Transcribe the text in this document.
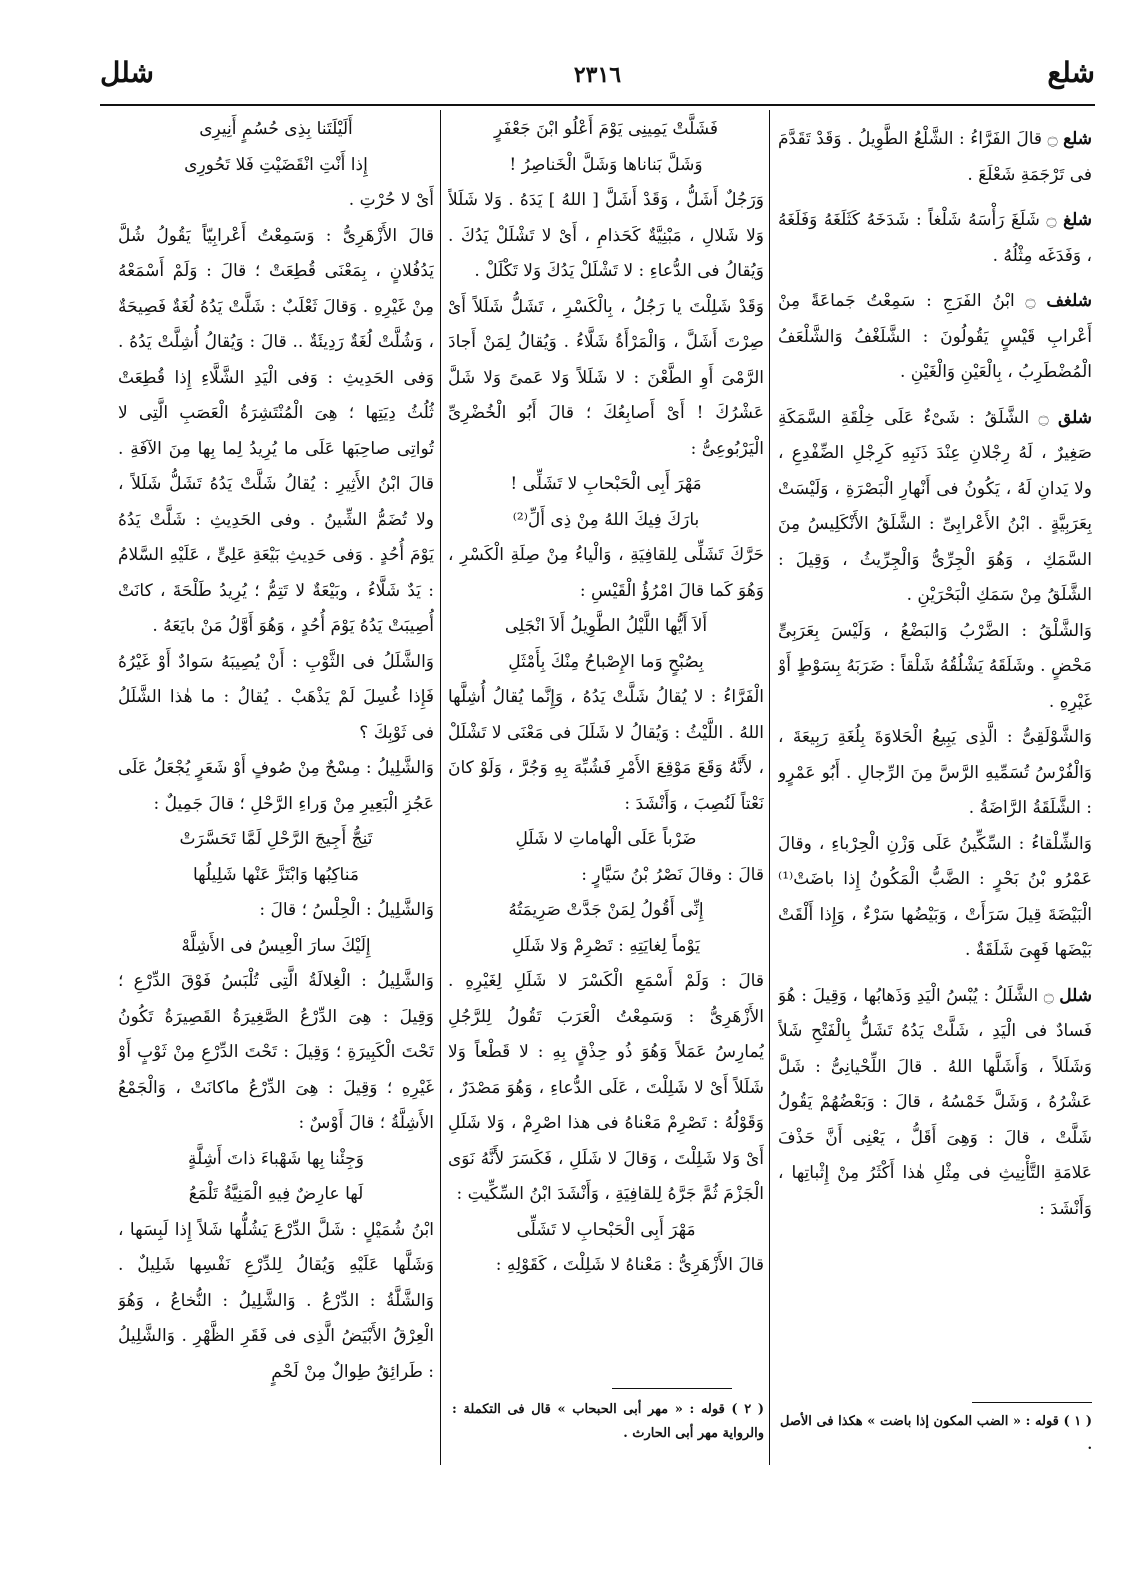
شلع
٢٣١٦
شلل

شلع ۝ قالَ الفَرَّاءُ : الشَّلْعُ الطَّوِيلُ . وَقَدْ تَقَدَّمَ فى تَرْجَمَةِ شَعْلَعَ .

شلغ ۝ شَلَغَ رَأْسَهُ شَلْغاً : شَدَخَهُ كَثَلَغَهُ وَفَلَغَهُ ، وَفَدَغَه مِثْلُهُ .

شلغف ۝ ابْنُ الفَرَجِ : سَمِعْتُ جَماعَةً مِنْ أَعْرابِ قَيْسٍ يَقُولُونَ : الشَّلَغْفُ وَالشَّلْعَفُ الْمُضْطَرِبُ ، بِالْعَيْنِ وَالْغَيْنِ .

شلق ۝ الشَّلَقُ : شَىْءٌ عَلَى خِلْقَةِ السَّمَكَةِ صَغِيرٌ ، لَهُ رِجْلانِ عِنْدَ ذَنَبِهِ كَرِجْلِ الضِّفْدِعِ ، ولا يَدانِ لَهُ ، يَكُونُ فى أَنْهارِ الْبَصْرَةِ ، وَلَيْسَتْ بِعَرَبِيَّةٍ . ابْنُ الأَعْرابِىِّ : الشَّلَقُ الأَنْكَلِيسُ مِنَ السَّمَكِ ، وَهُوَ الْجِرِّىُّ وَالْجِرِّيثُ ، وَقِيلَ : الشَّلَقُ مِنْ سَمَكِ الْبَحْرَيْنِ .

وَالشَّلْقُ : الضَّرْبُ وَالبَضْعُ ، وَلَيْسَ بِعَرَبِىٍّ مَحْضٍ . وشَلَقَهُ يَشْلُقُهُ شَلْقاً : ضَرَبَهُ بِسَوْطٍ أَوْ غَيْرِهِ .

وَالشَّوْلَقِىُّ : الَّذِى يَبِيعُ الْحَلاوَةَ بِلُغَةِ رَبِيعَةَ ، وَالْفُرْسُ تُسَمِّيهِ الرَّسَّ مِنَ الرِّجالِ . أَبُو عَمْرٍو : الشَّلَقَةُ الرَّاضَةُ .

وَالشِّلْقاءُ : السِّكِّينُ عَلَى وَزْنِ الْحِرْباءِ ، وقالَ عَمْرُو بْنُ بَحْرٍ : الضَّبُّ الْمَكُونُ إِذا باضَتْ⁽¹⁾ الْبَيْضَةَ قِيلَ سَرَأَتْ ، وَبَيْضُها سَرْءٌ ، وَإِذا أَلْقَتْ بَيْضَها فَهِىَ شَلَقَةٌ .

شلل ۝ الشَّلَلُ : يُبْسُ الْيَدِ وَذَهابُها ، وَقِيلَ : هُوَ فَسادٌ فى الْيَدِ ، شَلَّتْ يَدُهُ تَشَلُّ بِالْفَتْحِ شَلاً وَشَلَلاً ، وَأَشَلَّها اللهُ . قالَ اللِّحْيانِىُّ : شَلَّ عَشْرُهُ ، وَشَلَّ خَمْسُهُ ، قالَ : وَبَعْضُهُمْ يَقُولُ شَلَّتْ ، قالَ : وَهِىَ أَقَلُّ ، يَعْنِى أَنَّ حَذْفَ عَلامَةِ التَّأْنِيثِ فى مِثْلِ هٰذا أَكْثَرُ مِنْ إِثْباتِها ، وَأَنْشَدَ :

فَشَلَّتْ يَمِينِى يَوْمَ أَعْلُو ابْنَ جَعْفَرٍ

وَشَلَّ بَناناها وَشَلَّ الْخَناصِرُ !

وَرَجُلٌ أَشَلُّ ، وَقَدْ أَشَلَّ [ اللهُ ] يَدَهُ . وَلا شَلَلاً وَلا شَلالِ ، مَبْنِيَّةٌ كَحَذامِ ، أَىْ لا تَشْلَلْ يَدُكَ . وَيُقالُ فى الدُّعاءِ : لا تَشْلَلْ يَدُكَ وَلا تَكْلَلْ .

وَقَدْ شَلِلْتَ يا رَجُلُ ، بِالْكَسْرِ ، تَشَلُّ شَلَلاً أَىْ صِرْتَ أَشَلَّ ، وَالْمَرْأَةُ شَلَّاءُ . وَيُقالُ لِمَنْ أَجادَ الرَّمْىَ أَوِ الطَّعْنَ : لا شَلَلاً وَلا عَمىً وَلا شَلَّ عَشْرُكَ ! أَىْ أَصابِعُكَ ؛ قالَ أَبُو الْخُضْرِىِّ الْيَرْبُوعِىُّ :

مَهْرَ أَبِى الْحَبْحابِ لا تَشَلِّى !

بارَكَ فِيكَ اللهُ مِنْ ذِى أَلِّ⁽²⁾

حَرَّكَ تَشَلِّى لِلقافِيَةِ ، وَالْياءُ مِنْ صِلَةِ الْكَسْرِ ، وَهُوَ كَما قالَ امْرُؤُ الْقَيْسِ :

أَلاَ أَيُّها اللَّيْلُ الطَّوِيلُ أَلاَ انْجَلِى

بِصُبْحٍ وَما الإِصْباحُ مِنْكَ بِأَمْثَلِ

الْفَرَّاءُ : لا يُقالُ شَلَّتْ يَدُهُ ، وَإِنَّما يُقالُ أُشِلَّها اللهُ . اللَّيْثُ : وَيُقالُ لا شَلَلَ فى مَعْنَى لا تَشْلَلْ ، لأَنَّهُ وَقَعَ مَوْقِعَ الأَمْرِ فَشُبِّهَ بِهِ وَجُرَّ ، وَلَوْ كانَ نَعْتاً لَنُصِبَ ، وَأَنْشَدَ :

ضَرْباً عَلَى الْهاماتِ لا شَلَلِ

قالَ : وقالَ نَصْرُ بْنُ سَيَّارٍ :

إِنِّى أَقُولُ لِمَنْ جَدَّتْ صَرِيمَتُهُ

يَوْماً لِغايَتِهِ : تَصْرِمْ وَلا شَلَلِ

قالَ : وَلَمْ أَسْمَعِ الْكَسْرَ لا شَلَلِ لِغَيْرِهِ . الأَزْهَرِىُّ : وَسَمِعْتُ الْعَرَبَ تَقُولُ لِلرَّجُلِ يُمارِسُ عَمَلاً وَهُوَ ذُو حِذْقٍ بِهِ : لا قَطْعاً وَلا شَلَلاً أَىْ لا شَلِلْتَ ، عَلَى الدُّعاءِ ، وَهُوَ مَصْدَرٌ ، وَقَوْلُهُ : تَصْرِمْ مَعْناهُ فى هذا اصْرِمْ ، وَلا شَلَلِ أَىْ وَلا شَلِلْتَ ، وَقالَ لا شَلَلِ ، فَكَسَرَ لأَنَّهُ نَوَى الْجَزْمَ ثُمَّ جَرَّهُ لِلقافِيَةِ ، وَأَنْشَدَ ابْنُ السِّكِّيتِ :

مَهْرَ أَبِى الْحَبْحابِ لا تَشَلِّى

قالَ الأَزْهَرِىُّ : مَعْناهُ لا شَلِلْتَ ، كَقَوْلِهِ :

أَلَيْلَتَنا بِذِى حُسُمٍ أَنِيرِى

إِذا أَنْتِ انْقَضَيْتِ فَلا تَحُورِى

أَىْ لا حُرْتِ .

قالَ الأَزْهَرِىُّ : وَسَمِعْتُ أَعْرابِيّاً يَقُولُ شُلَّ يَدُفُلانٍ ، بِمَعْنَى قُطِعَتْ ؛ قالَ : وَلَمْ أَسْمَعْهُ مِنْ غَيْرِهِ . وَقالَ ثَعْلَبٌ : شَلَّتْ يَدُهُ لُغَةٌ فَصِيحَةٌ ، وَشُلَّتْ لُغَةٌ رَدِيئَةٌ .. قالَ : وَيُقالُ أُشِلَّتْ يَدُهُ . وَفى الحَدِيثِ : وَفى الْيَدِ الشَّلَّاءِ إِذا قُطِعَتْ ثُلُثُ دِيَتِها ؛ هِىَ الْمُنْتَشِرَةُ الْعَصَبِ الَّتِى لا تُواتِى صاحِبَها عَلَى ما يُرِيدُ لِما بِها مِنَ الآفَةِ . قالَ ابْنُ الأَثِيرِ : يُقالُ شَلَّتْ يَدُهُ تَشَلُّ شَلَلاً ، ولا تُضَمُّ الشِّينُ . وفى الحَدِيثِ : شَلَّتْ يَدُهُ يَوْمَ أُحُدٍ . وَفى حَدِيثِ بَيْعَةِ عَلِىٍّ ، عَلَيْهِ السَّلامُ : يَدٌ شَلَّاءُ ، وبَيْعَةٌ لا تَتِمُّ ؛ يُرِيدُ طَلْحَةَ ، كانَتْ أُصِيبَتْ يَدُهُ يَوْمَ أُحُدٍ ، وَهُوَ أَوَّلُ مَنْ بايَعَهُ .

وَالشَّلَلُ فى الثَّوْبِ : أَنْ يُصِيبَهُ سَوادٌ أَوْ غَيْرُهُ فَإِذا غُسِلَ لَمْ يَذْهَبْ . يُقالُ : ما هٰذا الشَّلَلُ فى ثَوْبِكَ ؟

وَالشَّلِيلُ : مِسْحٌ مِنْ صُوفٍ أَوْ شَعَرٍ يُجْعَلُ عَلَى عَجُزِ الْبَعِيرِ مِنْ وَراءِ الرَّحْلِ ؛ قالَ جَمِيلٌ :

تَنِجُّ أَجِيجَ الرَّحْلِ لَمَّا تَحَسَّرَتْ

مَناكِبُها وَابْتَزَّ عَنْها شَلِيلُها

وَالشَّلِيلُ : الْحِلْسُ ؛ قالَ :

إِلَيْكَ سارَ الْعِيسُ فى الأَشِلَّهْ

وَالشَّلِيلُ : الْغِلالَةُ الَّتِى تُلْبَسُ فَوْقَ الدِّرْعِ ؛ وَقِيلَ : هِىَ الدِّرْعُ الصَّغِيرَةُ القَصِيرَةُ تَكُونُ تَحْتَ الْكَبِيرَةِ ؛ وَقِيلَ : تَحْتَ الدِّرْعِ مِنْ ثَوْبٍ أَوْ غَيْرِهِ ؛ وَقِيلَ : هِىَ الدِّرْعُ ماكانَتْ ، وَالْجَمْعُ الأَشِلَّةُ ؛ قالَ أَوْسٌ :

وَجِئْنا بِها شَهْباءَ ذاتَ أَشِلَّةٍ

لَها عارِضٌ فِيهِ الْمَنِيَّةُ تَلْمَعُ

ابْنُ شُمَيْلٍ : شَلَّ الدِّرْعَ يَشُلُّها شَلاً إِذا لَبِسَها ، وَشَلَّها عَلَيْهِ وَيُقالُ لِلدِّرْعِ نَفْسِها شَلِيلٌ . وَالشَّلَّةُ : الدِّرْعُ . وَالشَّلِيلُ : النُّخاعُ ، وَهُوَ الْعِرْقُ الأَبْيَضُ الَّذِى فى فَقَرِ الظَّهْرِ . وَالشَّلِيلُ : طَرائِقُ طِوالٌ مِنْ لَحْمٍ

( ١ ) قوله : « الضب المكون إذا باضت » هكذا فى الأصل .
( ٢ ) قوله : « مهر أبى الحبحاب » قال فى التكملة : والرواية مهر أبى الحارث .
